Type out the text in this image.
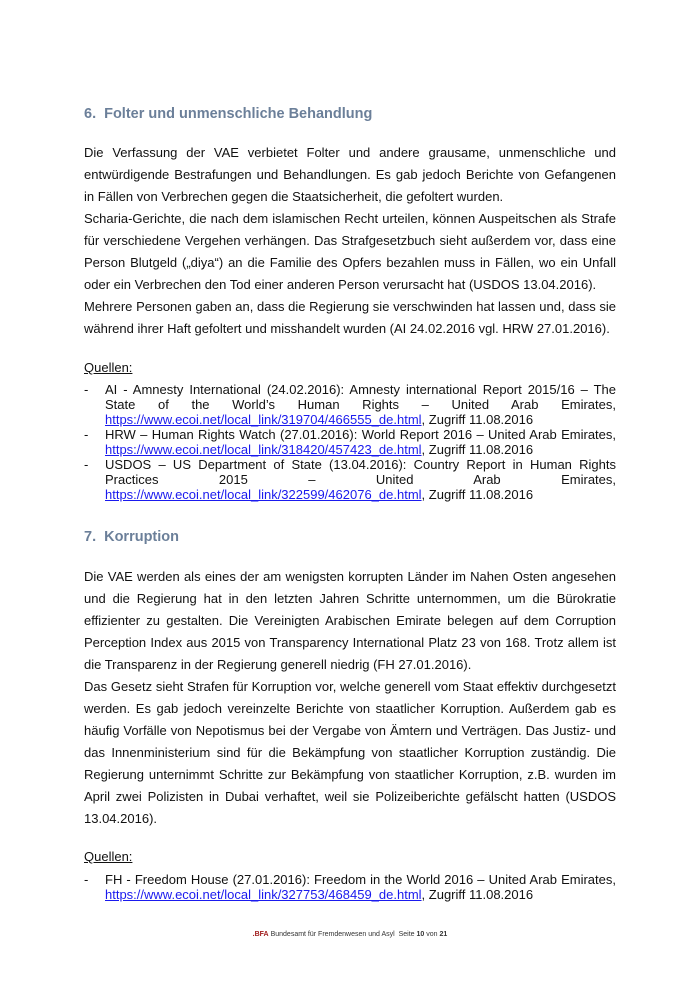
6. Folter und unmenschliche Behandlung

Die Verfassung der VAE verbietet Folter und andere grausame, unmenschliche und entwürdigende Bestrafungen und Behandlungen. Es gab jedoch Berichte von Gefangenen in Fällen von Verbrechen gegen die Staatsicherheit, die gefoltert wurden.

Scharia-Gerichte, die nach dem islamischen Recht urteilen, können Auspeitschen als Strafe für verschiedene Vergehen verhängen. Das Strafgesetzbuch sieht außerdem vor, dass eine Person Blutgeld („diya“) an die Familie des Opfers bezahlen muss in Fällen, wo ein Unfall oder ein Verbrechen den Tod einer anderen Person verursacht hat (USDOS 13.04.2016).

Mehrere Personen gaben an, dass die Regierung sie verschwinden hat lassen und, dass sie während ihrer Haft gefoltert und misshandelt wurden (AI 24.02.2016 vgl. HRW 27.01.2016).

Quellen:
- AI - Amnesty International (24.02.2016): Amnesty international Report 2015/16 – The State of the World’s Human Rights – United Arab Emirates, https://www.ecoi.net/local_link/319704/466555_de.html, Zugriff 11.08.2016
- HRW – Human Rights Watch (27.01.2016): World Report 2016 – United Arab Emirates, https://www.ecoi.net/local_link/318420/457423_de.html, Zugriff 11.08.2016
- USDOS – US Department of State (13.04.2016): Country Report in Human Rights Practices 2015 – United Arab Emirates, https://www.ecoi.net/local_link/322599/462076_de.html, Zugriff 11.08.2016
7. Korruption

Die VAE werden als eines der am wenigsten korrupten Länder im Nahen Osten angesehen und die Regierung hat in den letzten Jahren Schritte unternommen, um die Bürokratie effizienter zu gestalten. Die Vereinigten Arabischen Emirate belegen auf dem Corruption Perception Index aus 2015 von Transparency International Platz 23 von 168. Trotz allem ist die Transparenz in der Regierung generell niedrig (FH 27.01.2016).

Das Gesetz sieht Strafen für Korruption vor, welche generell vom Staat effektiv durchgesetzt werden. Es gab jedoch vereinzelte Berichte von staatlicher Korruption. Außerdem gab es häufig Vorfälle von Nepotismus bei der Vergabe von Ämtern und Verträgen. Das Justiz- und das Innenministerium sind für die Bekämpfung von staatlicher Korruption zuständig. Die Regierung unternimmt Schritte zur Bekämpfung von staatlicher Korruption, z.B. wurden im April zwei Polizisten in Dubai verhaftet, weil sie Polizeiberichte gefälscht hatten (USDOS 13.04.2016).

Quellen:
- FH - Freedom House (27.01.2016): Freedom in the World 2016 – United Arab Emirates, https://www.ecoi.net/local_link/327753/468459_de.html, Zugriff 11.08.2016
.BFA Bundesamt für Fremdenwesen und Asyl Seite 10 von 21
